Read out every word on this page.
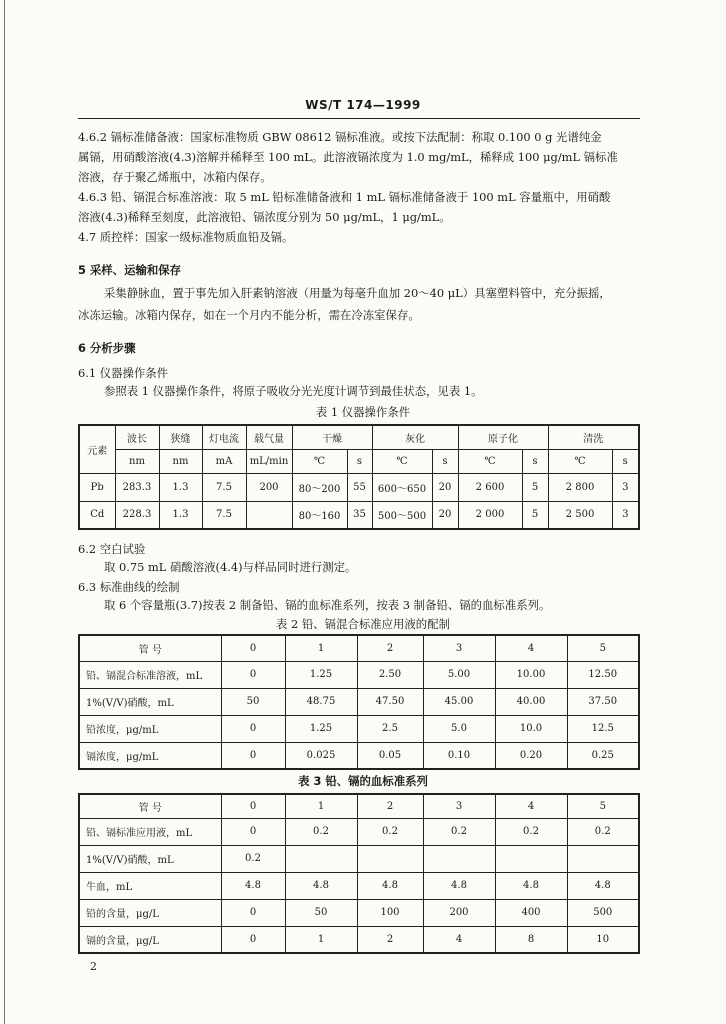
WS/T 174—1999
4.6.2 镉标准储备液：国家标准物质 GBW 08612 镉标准液。或按下法配制：称取 0.100 0 g 光谱纯金
属镉，用硝酸溶液(4.3)溶解并稀释至 100 mL。此溶液镉浓度为 1.0 mg/mL，稀释成 100 μg/mL 镉标准
溶液，存于聚乙烯瓶中，冰箱内保存。
4.6.3 铅、镉混合标准溶液：取 5 mL 铅标准储备液和 1 mL 镉标准储备液于 100 mL 容量瓶中，用硝酸
溶液(4.3)稀释至刻度，此溶液铅、镉浓度分别为 50 μg/mL，1 μg/mL。
4.7 质控样：国家一级标准物质血铅及镉。
5 采样、运输和保存
采集静脉血，置于事先加入肝素钠溶液（用量为每毫升血加 20～40 μL）具塞塑料管中，充分振摇，
冰冻运输。冰箱内保存，如在一个月内不能分析，需在冷冻室保存。
6 分析步骤
6.1 仪器操作条件
参照表 1 仪器操作条件，将原子吸收分光光度计调节到最佳状态，见表 1。
表 1 仪器操作条件
元素	波长	狭缝	灯电流	载气量	干燥		灰化		原子化		清洗	
	nm	nm	mA	mL/min	℃	s	℃	s	℃	s	℃	s
Pb	283.3	1.3	7.5	200	80～200	55	600～650	20	2 600	5	2 800	3
Cd	228.3	1.3	7.5		80～160	35	500～500	20	2 000	5	2 500	3
6.2 空白试验
取 0.75 mL 硝酸溶液(4.4)与样品同时进行测定。
6.3 标准曲线的绘制
取 6 个容量瓶(3.7)按表 2 制备铅、镉的血标准系列，按表 3 制备铅、镉的血标准系列。
表 2 铅、镉混合标准应用液的配制
管 号	0	1	2	3	4	5
铅、镉混合标准溶液，mL	0	1.25	2.50	5.00	10.00	12.50
1%(V/V)硝酸，mL	50	48.75	47.50	45.00	40.00	37.50
铅浓度，μg/mL	0	1.25	2.5	5.0	10.0	12.5
镉浓度，μg/mL	0	0.025	0.05	0.10	0.20	0.25
表 3 铅、镉的血标准系列
管 号	0	1	2	3	4	5
铅、镉标准应用液，mL	0	0.2	0.2	0.2	0.2	0.2
1%(V/V)硝酸，mL	0.2					
牛血，mL	4.8	4.8	4.8	4.8	4.8	4.8
铅的含量，μg/L	0	50	100	200	400	500
镉的含量，μg/L	0	1	2	4	8	10
2
